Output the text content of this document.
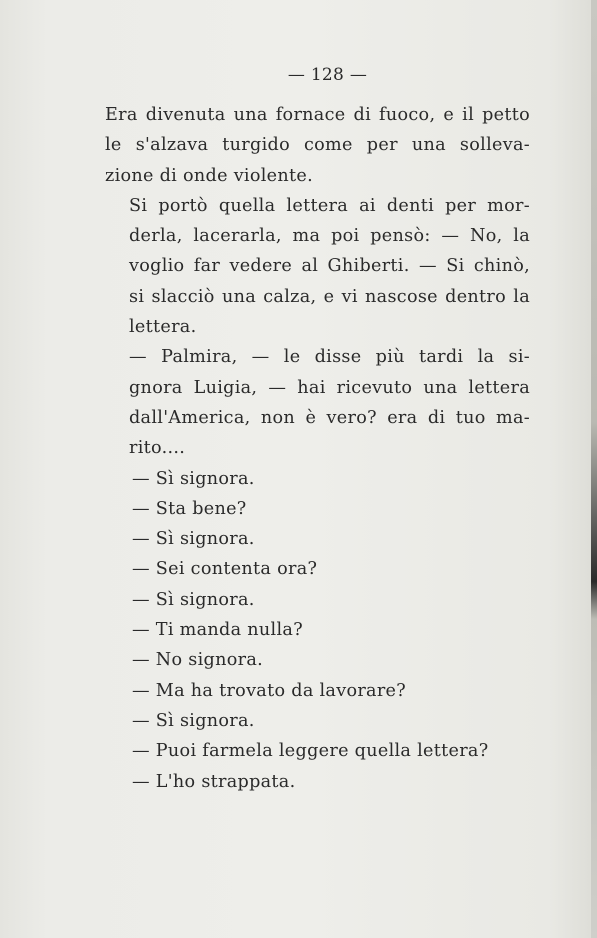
— 128 —

Era divenuta una fornace di fuoco, e il petto
le s'alzava turgido come per una solleva-
zione di onde violente.

Si portò quella lettera ai denti per mor-
derla, lacerarla, ma poi pensò: — No, la
voglio far vedere al Ghiberti. — Si chinò,
si slacciò una calza, e vi nascose dentro la
lettera.

— Palmira, — le disse più tardi la si-
gnora Luigia, — hai ricevuto una lettera
dall'America, non è vero? era di tuo ma-
rito....

— Sì signora.

— Sta bene?

— Sì signora.

— Sei contenta ora?

— Sì signora.

— Ti manda nulla?

— No signora.

— Ma ha trovato da lavorare?

— Sì signora.

— Puoi farmela leggere quella lettera?

— L'ho strappata.
